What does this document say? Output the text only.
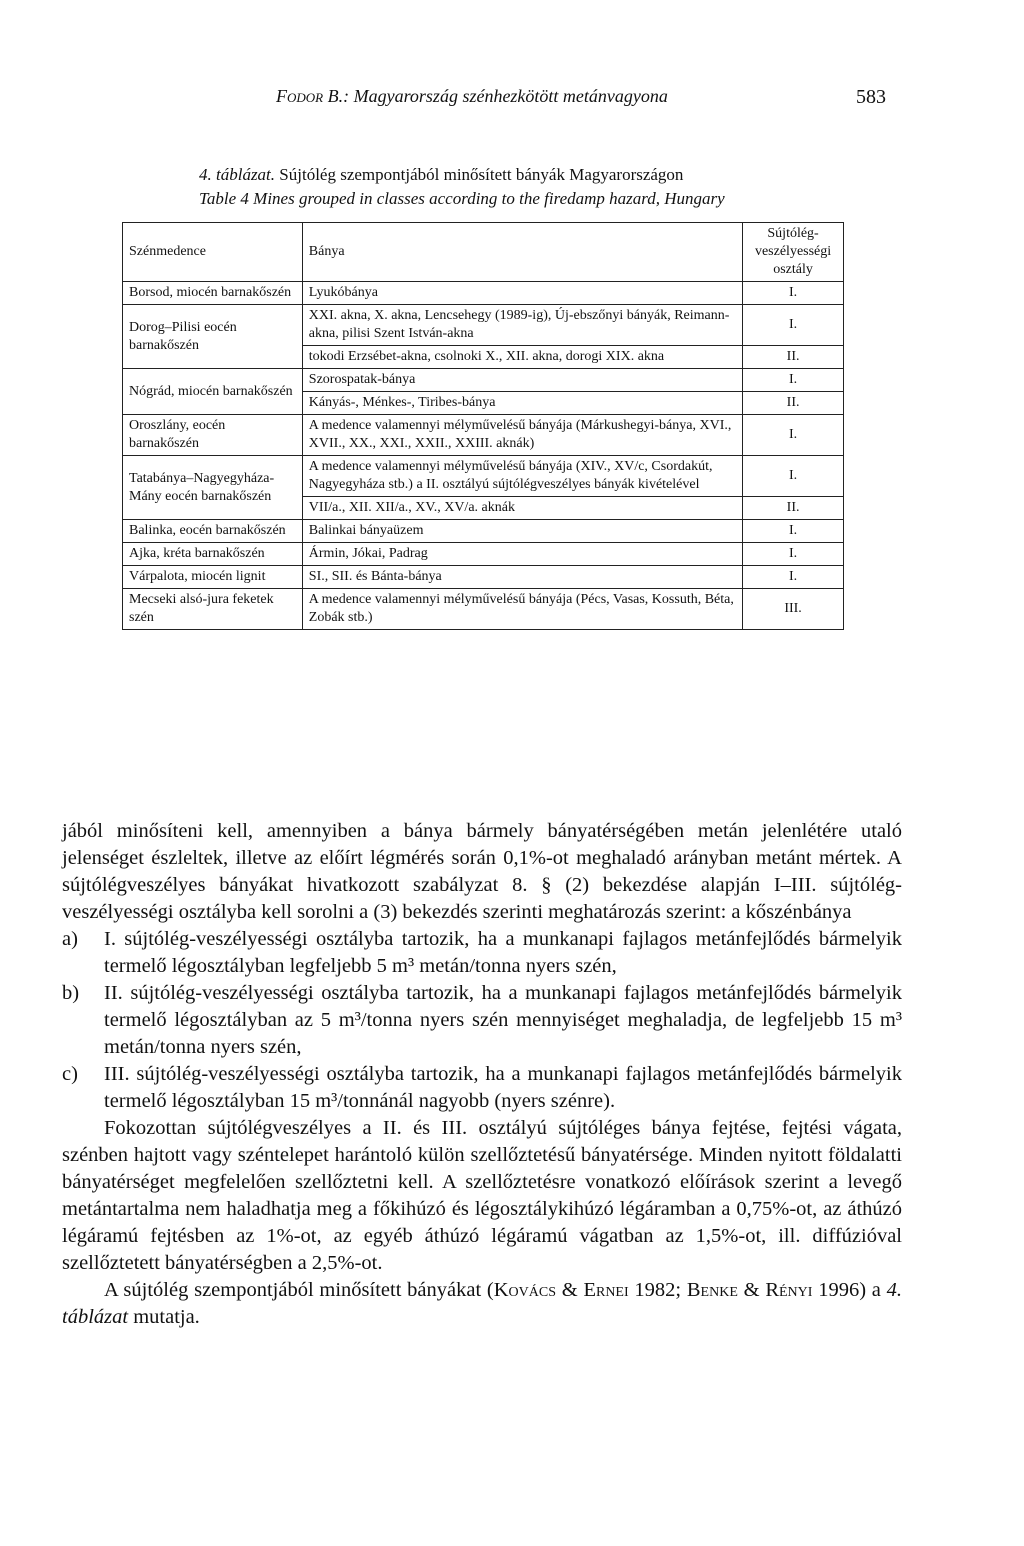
Fodor B.: Magyarország szénhezkötött metánvagyona	583
4. táblázat. Sújtólég szempontjából minősített bányák Magyarországon
Table 4 Mines grouped in classes according to the firedamp hazard, Hungary
Szénmedence	Bánya	Sújtólég-veszélyességi osztály
Borsod, miocén barnakőszén	Lyukóbánya	I.
Dorog–Pilisi eocén barnakőszén	XXI. akna, X. akna, Lencsehegy (1989-ig), Új-ebszőnyi bányák, Reimann-akna, pilisi Szent István-akna	I.
	tokodi Erzsébet-akna, csolnoki X., XII. akna, dorogi XIX. akna	II.
Nógrád, miocén barnakőszén	Szorospatak-bánya	I.
	Kányás-, Ménkes-, Tiribes-bánya	II.
Oroszlány, eocén barnakőszén	A medence valamennyi mélyművelésű bányája (Márkushegyi-bánya, XVI., XVII., XX., XXI., XXII., XXIII. aknák)	I.
Tatabánya–Nagyegyháza-Mány eocén barnakőszén	A medence valamennyi mélyművelésű bányája (XIV., XV/c, Csordakút, Nagyegyháza stb.) a II. osztályú sújtólégveszélyes bányák kivételével	I.
	VII/a., XII. XII/a., XV., XV/a. aknák	II.
Balinka, eocén barnakőszén	Balinkai bányaüzem	I.
Ajka, kréta barnakőszén	Ármin, Jókai, Padrag	I.
Várpalota, miocén lignit	SI., SII. és Bánta-bánya	I.
Mecseki alsó-jura feketek szén	A medence valamennyi mélyművelésű bányája (Pécs, Vasas, Kossuth, Béta, Zobák stb.)	III.

jából minősíteni kell, amennyiben a bánya bármely bányatérségében metán jelenlétére utaló jelenséget észleltek, illetve az előírt légmérés során 0,1%-ot meghaladó arányban metánt mértek. A sújtólégveszélyes bányákat hivatkozott szabályzat 8. § (2) bekezdése alapján I–III. sújtólég-veszélyességi osztályba kell sorolni a (3) bekezdés szerinti meghatározás szerint: a kőszénbánya

a) I. sújtólég-veszélyességi osztályba tartozik, ha a munkanapi fajlagos metánfejlődés bármelyik termelő légosztályban legfeljebb 5 m³ metán/tonna nyers szén,

b) II. sújtólég-veszélyességi osztályba tartozik, ha a munkanapi fajlagos metánfejlődés bármelyik termelő légosztályban az 5 m³/tonna nyers szén mennyiséget meghaladja, de legfeljebb 15 m³ metán/tonna nyers szén,

c) III. sújtólég-veszélyességi osztályba tartozik, ha a munkanapi fajlagos metánfejlődés bármelyik termelő légosztályban 15 m³/tonnánál nagyobb (nyers szénre).

Fokozottan sújtólégveszélyes a II. és III. osztályú sújtóléges bánya fejtése, fejtési vágata, szénben hajtott vagy széntelepet harántoló külön szellőztetésű bányatérsége. Minden nyitott földalatti bányatérséget megfelelően szellőztetni kell. A szellőztetésre vonatkozó előírások szerint a levegő metántartalma nem haladhatja meg a főkihúzó és légosztálykihúzó légáramban a 0,75%-ot, az áthúzó légáramú fejtésben az 1%-ot, az egyéb áthúzó légáramú vágatban az 1,5%-ot, ill. diffúzióval szellőztetett bányatérségben a 2,5%-ot.

A sújtólég szempontjából minősített bányákat (Kovács & Ernei 1982; Benke & Rényi 1996) a 4. táblázat mutatja.
